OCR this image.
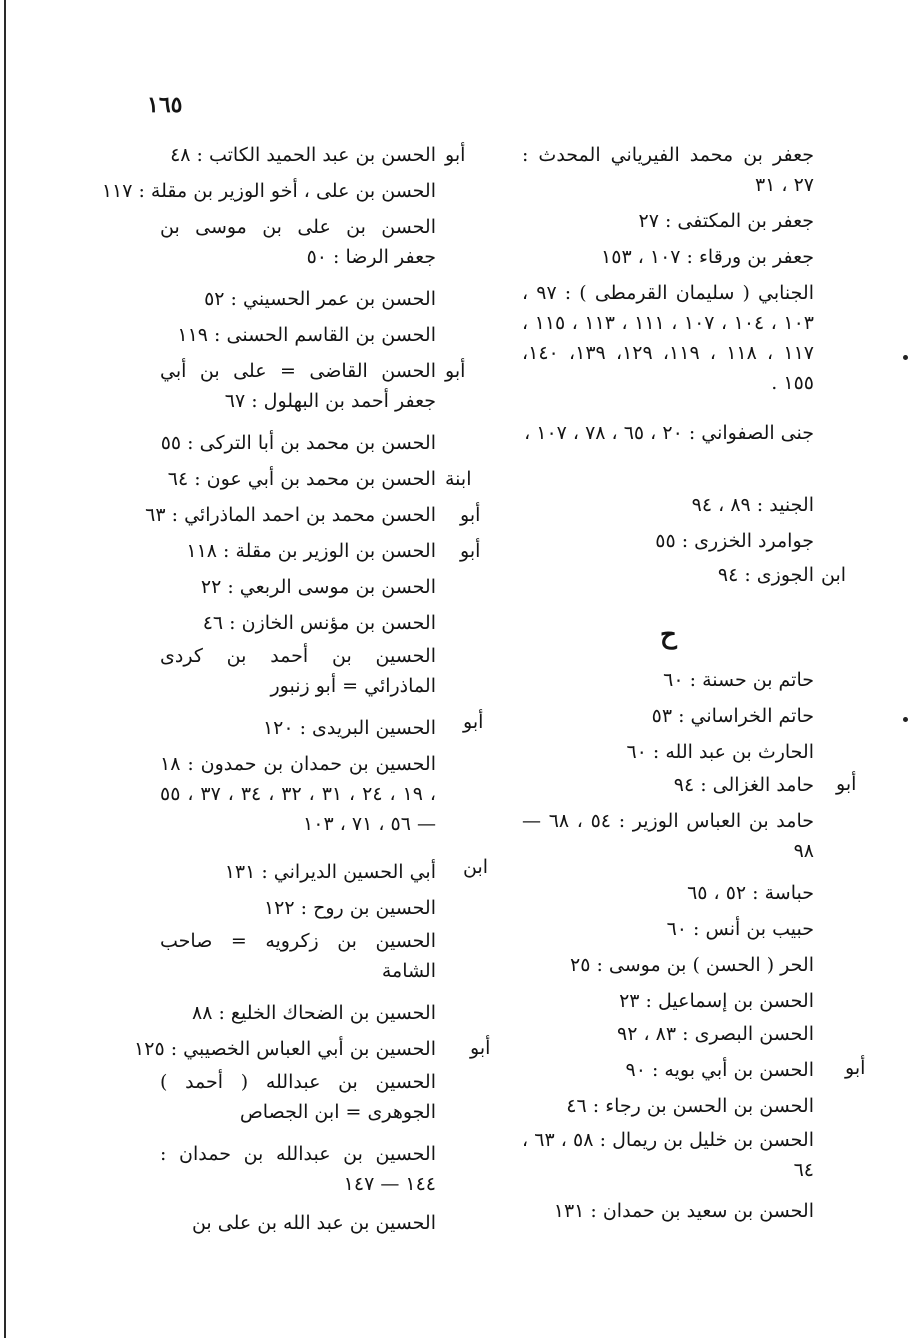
١٦٥
ابن
أبو
أبو
أبو
أبو
ابنة
أبو
أبو
أبو
ابن
أبو
ح
جعفر بن محمد الفيرياني المحدث : ٢٧ ، ٣١
جعفر بن المكتفى : ٢٧
جعفر بن ورقاء : ١٠٧ ، ١٥٣
الجنابي ( سليمان القرمطى ) : ٩٧ ، ١٠٣ ، ١٠٤ ، ١٠٧ ، ١١١ ، ١١٣ ، ١١٥ ، ١١٧ ، ١١٨ ، ١١٩، ١٢٩، ١٣٩، ١٤٠، ١٥٥ .
جنى الصفواني : ٢٠ ، ٦٥ ، ٧٨ ، ١٠٧ ،
الجنيد : ٨٩ ، ٩٤
جوامرد الخزرى : ٥٥
الجوزى : ٩٤
حاتم بن حسنة : ٦٠
حاتم الخراساني : ٥٣
الحارث بن عبد الله : ٦٠
حامد الغزالى : ٩٤
حامد بن العباس الوزير : ٥٤ ، ٦٨ — ٩٨
حباسة : ٥٢ ، ٦٥
حبيب بن أنس : ٦٠
الحر ( الحسن ) بن موسى : ٢٥
الحسن بن إسماعيل : ٢٣
الحسن البصرى : ٨٣ ، ٩٢
الحسن بن أبي بويه : ٩٠
الحسن بن الحسن بن رجاء : ٤٦
الحسن بن خليل بن ريمال : ٥٨ ، ٦٣ ، ٦٤
الحسن بن سعيد بن حمدان : ١٣١
الحسن بن عبد الحميد الكاتب : ٤٨
الحسن بن على ، أخو الوزير بن مقلة : ١١٧
الحسن بن على بن موسى بن جعفر الرضا : ٥٠
الحسن بن عمر الحسيني : ٥٢
الحسن بن القاسم الحسنى : ١١٩
الحسن القاضى = على بن أبي جعفر أحمد بن البهلول : ٦٧
الحسن بن محمد بن أبا التركى : ٥٥
الحسن بن محمد بن أبي عون : ٦٤
الحسن محمد بن احمد الماذرائي : ٦٣
الحسن بن الوزير بن مقلة : ١١٨
الحسن بن موسى الربعي : ٢٢
الحسن بن مؤنس الخازن : ٤٦
الحسين بن أحمد بن كردى الماذرائي = أبو زنبور
الحسين البريدى : ١٢٠
الحسين بن حمدان بن حمدون : ١٨ ، ١٩ ، ٢٤ ، ٣١ ، ٣٢ ، ٣٤ ، ٣٧ ، ٥٥ — ٥٦ ، ٧١ ، ١٠٣
أبي الحسين الديراني : ١٣١
الحسين بن روح : ١٢٢
الحسين بن زكرويه = صاحب الشامة
الحسين بن الضحاك الخليع : ٨٨
الحسين بن أبي العباس الخصيبي : ١٢٥
الحسين بن عبدالله ( أحمد ) الجوهرى = ابن الجصاص
الحسين بن عبدالله بن حمدان : ١٤٤ — ١٤٧
الحسين بن عبد الله بن على بن
